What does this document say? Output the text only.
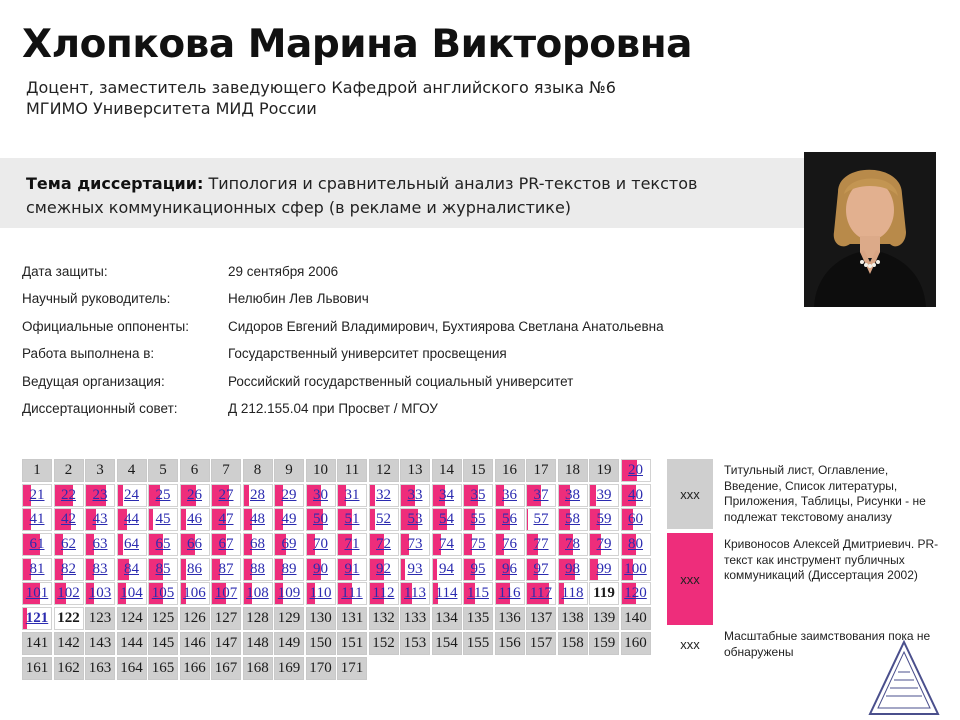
Хлопкова Марина Викторовна

Доцент, заместитель заведующего Кафедрой английского языка №6
МГИМО Университета МИД России

Тема диссертации: Типология и сравнительный анализ PR-текстов и текстов смежных коммуникационных сфер (в рекламе и журналистике)

Дата защиты:	29 сентября 2006
Научный руководитель:	Нелюбин Лев Львович
Официальные оппоненты:	Сидоров Евгений Владимирович, Бухтиярова Светлана Анатольевна
Работа выполнена в:	Государственный университет просвещения
Ведущая организация:	Российский государственный социальный университет
Диссертационный совет:	Д 212.155.04 при Просвет / МГОУ
1	2	3	4	5	6	7	8	9	10	11	12	13	14	15	16	17	18	19	20
21	22	23	24	25	26	27	28	29	30	31	32	33	34	35	36	37	38	39	40
41	42	43	44	45	46	47	48	49	50	51	52	53	54	55	56	57	58	59	60
61	62	63	64	65	66	67	68	69	70	71	72	73	74	75	76	77	78	79	80
81	82	83	84	85	86	87	88	89	90	91	92	93	94	95	96	97	98	99 100
101 102 103 104 105 106 107 108 109 110 111 112 113 114 115 116 117 118 119 120
121 122 123 124 125 126 127 128 129 130 131 132 133 134 135 136 137 138 139 140
141 142 143 144 145 146 147 148 149 150 151 152 153 154 155 156 157 158 159 160
161 162 163 164 165 166 167 168 169 170 171
xxx
Титульный лист, Оглавление, Введение, Список литературы, Приложения, Таблицы, Рисунки - не подлежат текстовому анализу
xxx
Кривоносов Алексей Дмитриевич. PR-текст как инструмент публичных коммуникаций (Диссертация 2002)
xxx
Масштабные заимствования пока не обнаружены
